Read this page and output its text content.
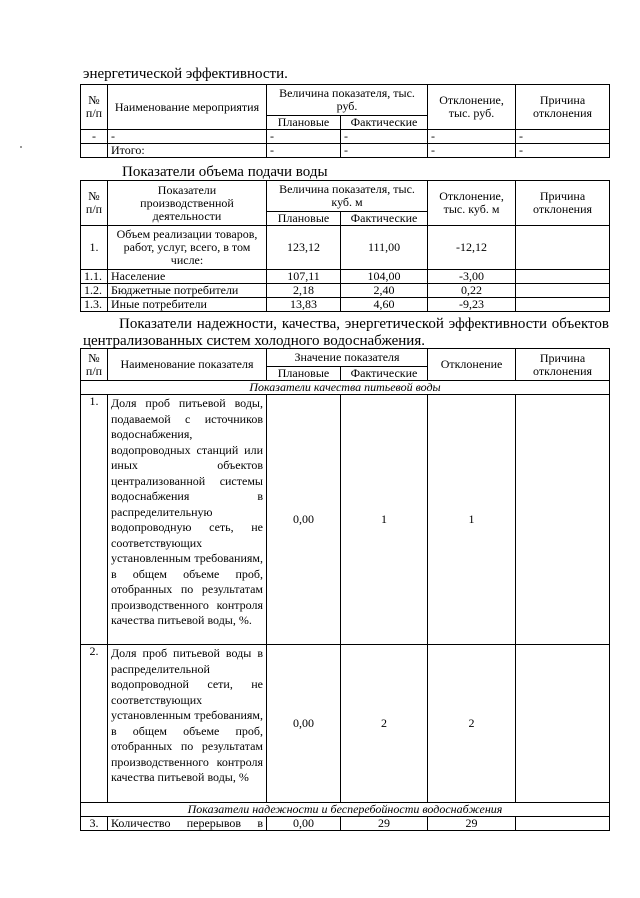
энергетической эффективности.
№ п/п	Наименование мероприятия	Величина показателя, тыс. руб.		Отклонение, тыс. руб.	Причина отклонения
		Плановые	Фактические		
-	-	-	-	-	-
	Итого:	-	-	-	-
Показатели объема подачи воды
№ п/п	Показатели производственной деятельности	Величина показателя, тыс. куб. м		Отклонение, тыс. куб. м	Причина отклонения
		Плановые	Фактические		
1.	Объем реализации товаров, работ, услуг, всего, в том числе:	123,12	111,00	-12,12	
1.1.	Население	107,11	104,00	-3,00	
1.2.	Бюджетные потребители	2,18	2,40	0,22	
1.3.	Иные потребители	13,83	4,60	-9,23	
Показатели надежности, качества, энергетической эффективности объектов централизованных систем холодного водоснабжения.
№ п/п	Наименование показателя	Значение показателя		Отклонение	Причина отклонения
		Плановые	Фактические		
Показатели качества питьевой воды					
1.	Доля проб питьевой воды, подаваемой с источников водоснабжения, водопроводных станций или иных объектов централизованной системы водоснабжения в распределительную водопроводную сеть, не соответствующих установленным требованиям, в общем объеме проб, отобранных по результатам производственного контроля качества питьевой воды, %.	0,00	1	1	
2.	Доля проб питьевой воды в распределительной водопроводной сети, не соответствующих установленным требованиям, в общем объеме проб, отобранных по результатам производственного контроля качества питьевой воды, %	0,00	2	2	
Показатели надежности и бесперебойности водоснабжения					
3.	Количество перерывов в	0,00	29	29	
